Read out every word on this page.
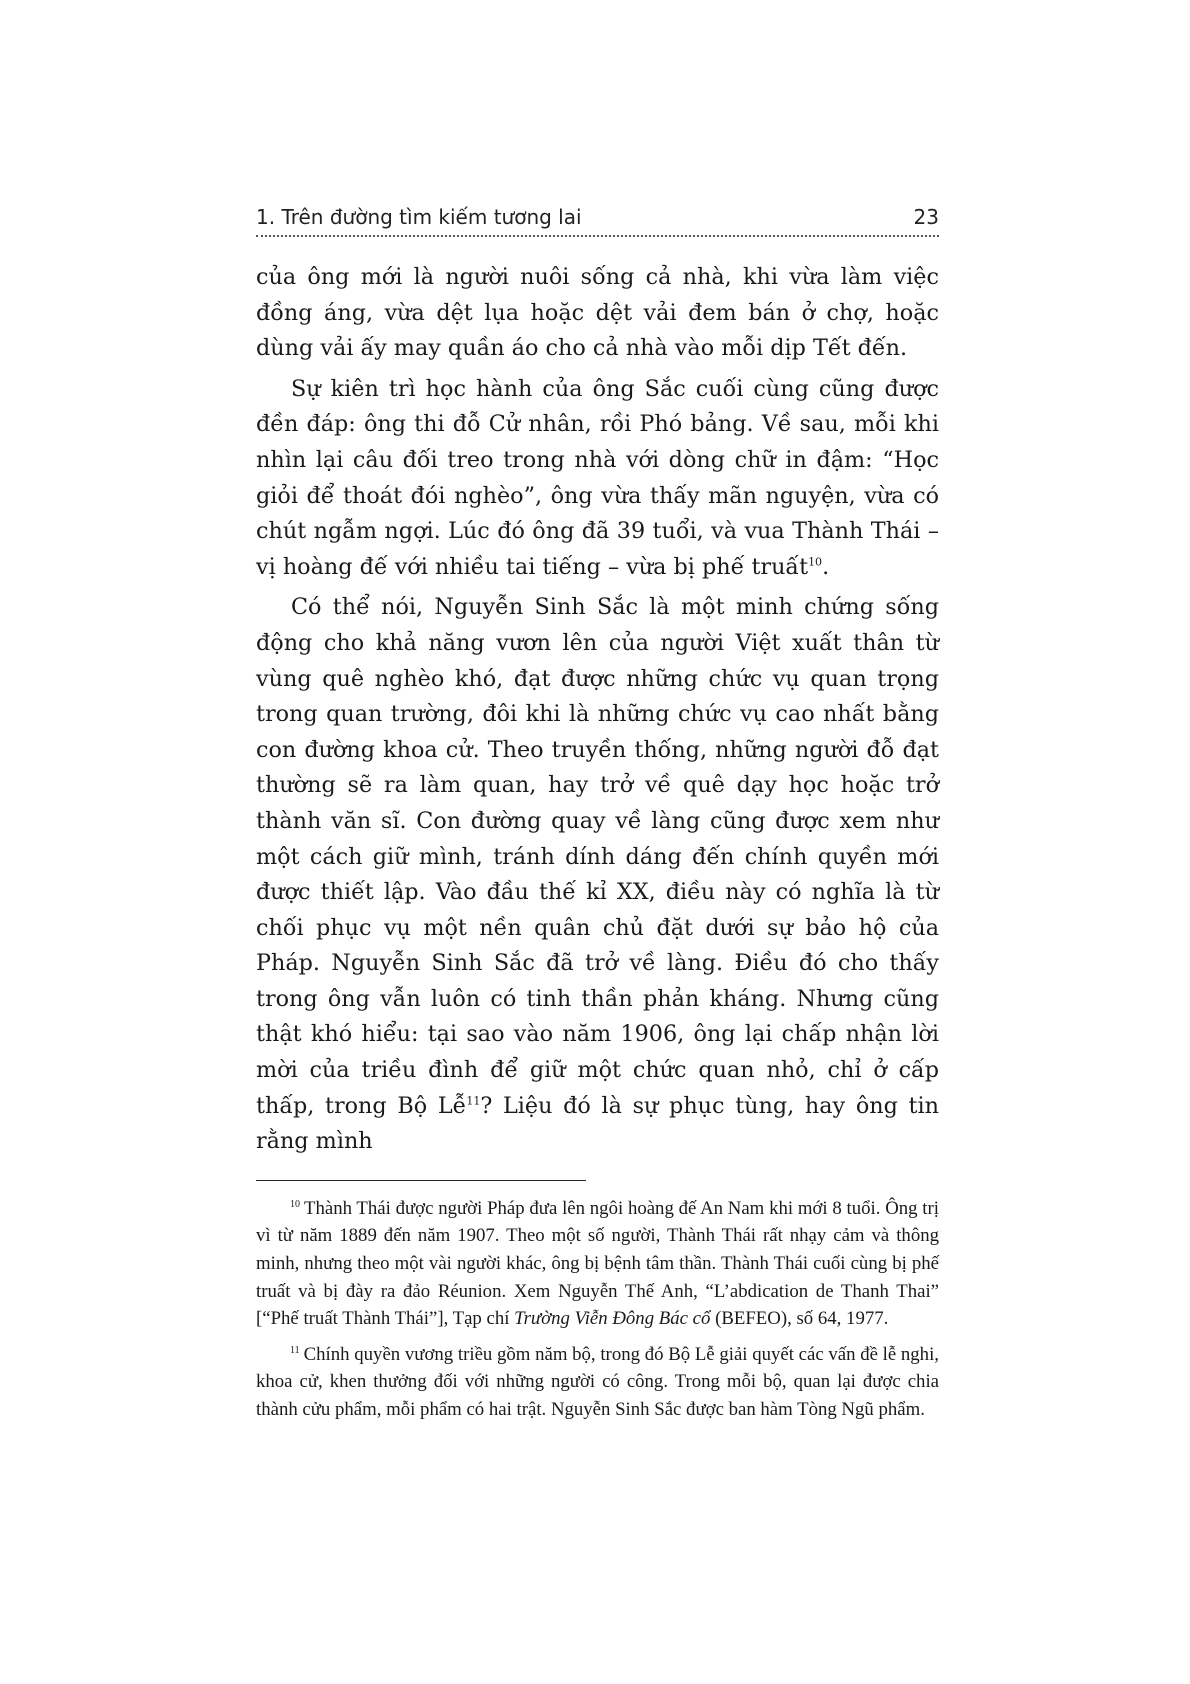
1. Trên đường tìm kiếm tương lai	23

của ông mới là người nuôi sống cả nhà, khi vừa làm việc đồng áng, vừa dệt lụa hoặc dệt vải đem bán ở chợ, hoặc dùng vải ấy may quần áo cho cả nhà vào mỗi dịp Tết đến.

Sự kiên trì học hành của ông Sắc cuối cùng cũng được đền đáp: ông thi đỗ Cử nhân, rồi Phó bảng. Về sau, mỗi khi nhìn lại câu đối treo trong nhà với dòng chữ in đậm: “Học giỏi để thoát đói nghèo”, ông vừa thấy mãn nguyện, vừa có chút ngẫm ngợi. Lúc đó ông đã 39 tuổi, và vua Thành Thái – vị hoàng đế với nhiều tai tiếng – vừa bị phế truất$^{10}$.

Có thể nói, Nguyễn Sinh Sắc là một minh chứng sống động cho khả năng vươn lên của người Việt xuất thân từ vùng quê nghèo khó, đạt được những chức vụ quan trọng trong quan trường, đôi khi là những chức vụ cao nhất bằng con đường khoa cử. Theo truyền thống, những người đỗ đạt thường sẽ ra làm quan, hay trở về quê dạy học hoặc trở thành văn sĩ. Con đường quay về làng cũng được xem như một cách giữ mình, tránh dính dáng đến chính quyền mới được thiết lập. Vào đầu thế kỉ XX, điều này có nghĩa là từ chối phục vụ một nền quân chủ đặt dưới sự bảo hộ của Pháp. Nguyễn Sinh Sắc đã trở về làng. Điều đó cho thấy trong ông vẫn luôn có tinh thần phản kháng. Nhưng cũng thật khó hiểu: tại sao vào năm 1906, ông lại chấp nhận lời mời của triều đình để giữ một chức quan nhỏ, chỉ ở cấp thấp, trong Bộ Lễ$^{11}$? Liệu đó là sự phục tùng, hay ông tin rằng mình

$^{10}$ Thành Thái được người Pháp đưa lên ngôi hoàng đế An Nam khi mới 8 tuổi. Ông trị vì từ năm 1889 đến năm 1907. Theo một số người, Thành Thái rất nhạy cảm và thông minh, nhưng theo một vài người khác, ông bị bệnh tâm thần. Thành Thái cuối cùng bị phế truất và bị đày ra đảo Réunion. Xem Nguyễn Thế Anh, “L’abdication de Thanh Thai” [“Phế truất Thành Thái”], Tạp chí Trường Viễn Đông Bác cổ (BEFEO), số 64, 1977.

$^{11}$ Chính quyền vương triều gồm năm bộ, trong đó Bộ Lễ giải quyết các vấn đề lễ nghi, khoa cử, khen thưởng đối với những người có công. Trong mỗi bộ, quan lại được chia thành cửu phẩm, mỗi phẩm có hai trật. Nguyễn Sinh Sắc được ban hàm Tòng Ngũ phẩm.
